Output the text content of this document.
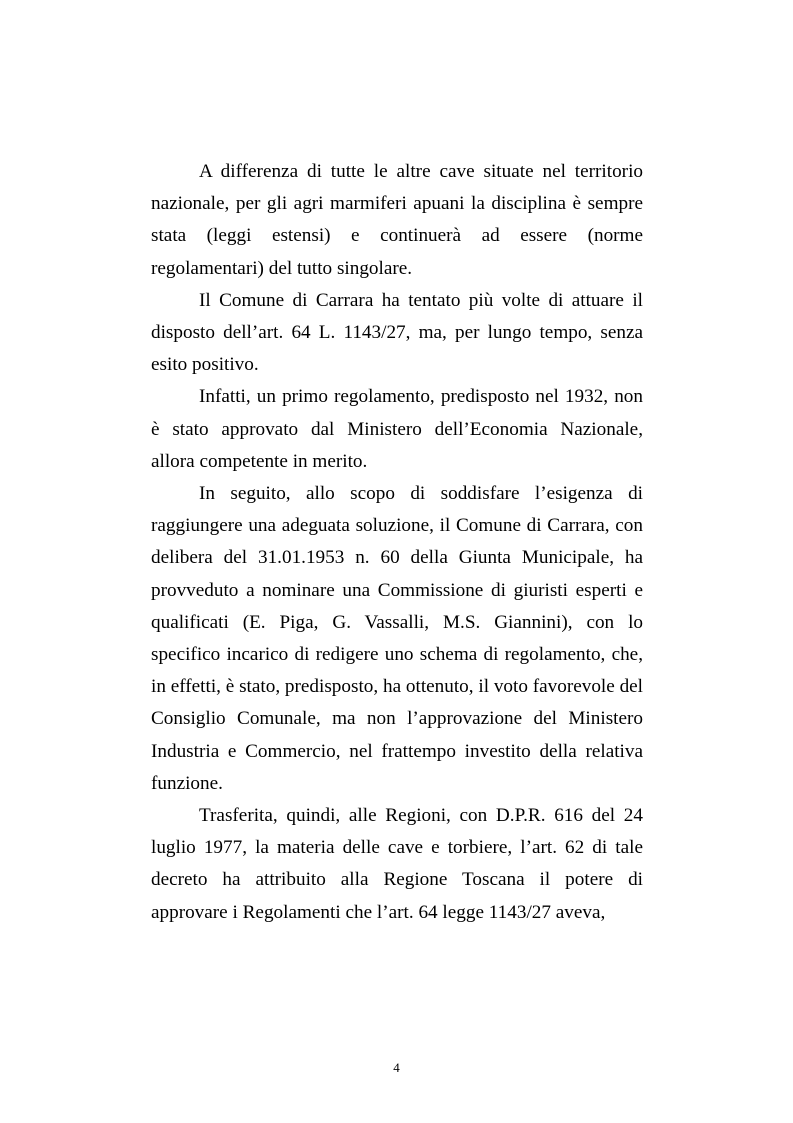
A differenza di tutte le altre cave situate nel territorio nazionale, per gli agri marmiferi apuani la disciplina è sempre stata (leggi estensi) e continuerà ad essere (norme regolamentari) del tutto singolare.

Il Comune di Carrara ha tentato più volte di attuare il disposto dell’art. 64 L. 1143/27, ma, per lungo tempo, senza esito positivo.

Infatti, un primo regolamento, predisposto nel 1932, non è stato approvato dal Ministero dell’Economia Nazionale, allora competente in merito.

In seguito, allo scopo di soddisfare l’esigenza di raggiungere una adeguata soluzione, il Comune di Carrara, con delibera del 31.01.1953 n. 60 della Giunta Municipale, ha provveduto a nominare una Commissione di giuristi esperti e qualificati (E. Piga, G. Vassalli, M.S. Giannini), con lo specifico incarico di redigere uno schema di regolamento, che, in effetti, è stato, predisposto, ha ottenuto, il voto favorevole del Consiglio Comunale, ma non l’approvazione del Ministero Industria e Commercio, nel frattempo investito della relativa funzione.

Trasferita, quindi, alle Regioni, con D.P.R. 616 del 24 luglio 1977, la materia delle cave e torbiere, l’art. 62 di tale decreto ha attribuito alla Regione Toscana il potere di approvare i Regolamenti che l’art. 64 legge 1143/27 aveva,

4
